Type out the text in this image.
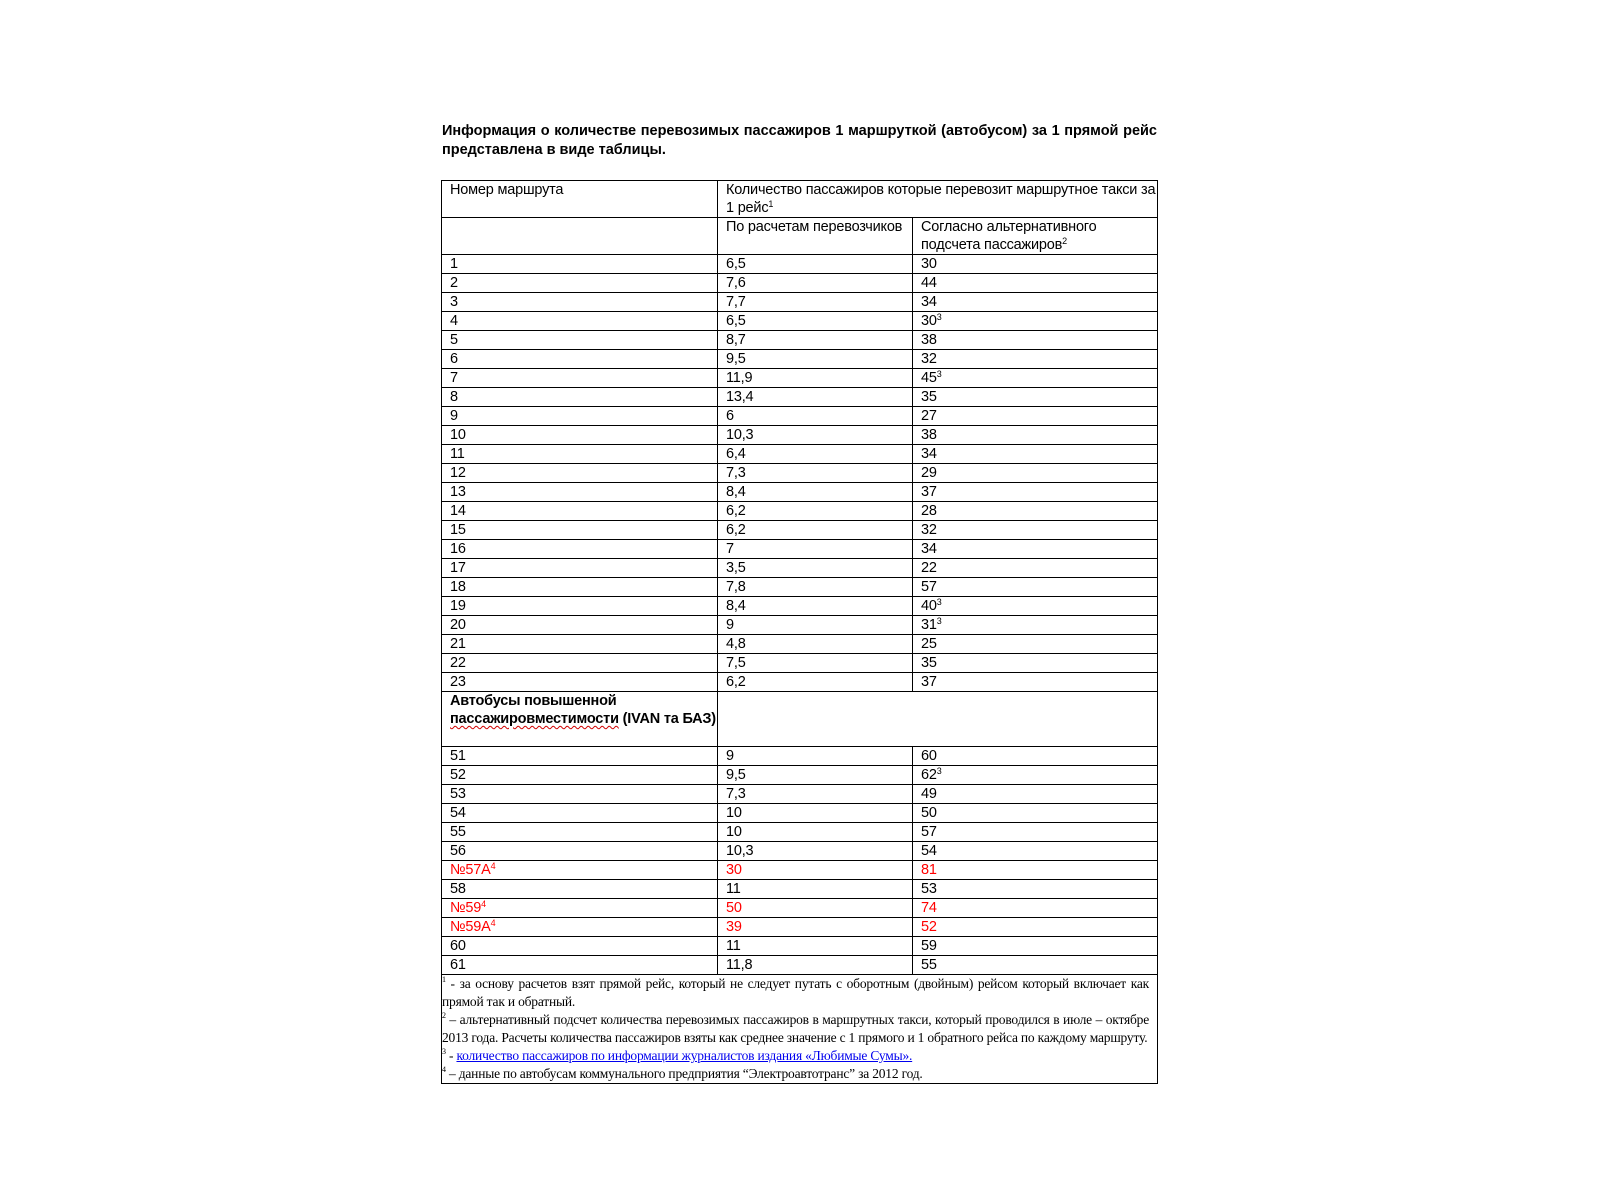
Информация о количестве перевозимых пассажиров 1 маршруткой (автобусом) за 1 прямой рейс представлена в виде таблицы.

Номер маршрута	Количество пассажиров которые перевозит маршрутное такси за 1 рейс$^1$
	По расчетам перевозчиков	Согласно альтернативного подсчета пассажиров$^2$
1	6,5	30
2	7,6	44
3	7,7	34
4	6,5	$30^3$
5	8,7	38
6	9,5	32
7	11,9	$45^3$
8	13,4	35
9	6	27
10	10,3	38
11	6,4	34
12	7,3	29
13	8,4	37
14	6,2	28
15	6,2	32
16	7	34
17	3,5	22
18	7,8	57
19	8,4	$40^3$
20	9	$31^3$
21	4,8	25
22	7,5	35
23	6,2	37

Автобусы повышенной
пассажировместимости (IVAN та БАЗ)		

51	9	60
52	9,5	$62^3$
53	7,3	49
54	10	50
55	10	57
56	10,3	54
$№57А^4$	30	81
58	11	53
$№59^4$	50	74
$№59А^4$	39	52
60	11	59
61	11,8	55

$^1$ - за основу расчетов взят прямой рейс, который не следует путать с оборотным (двойным) рейсом который включает как прямой так и обратный.

$^2$ – альтернативный подсчет количества перевозимых пассажиров в маршрутных такси, который проводился в июле – октябре 2013 года. Расчеты количества пассажиров взяты как среднее значение с 1 прямого и 1 обратного рейса по каждому маршруту.

$^3$ - количество пассажиров по информации журналистов издания «Любимые Сумы».

$^4$ – данные по автобусам коммунального предприятия “Электроавтотранс” за 2012 год.		
